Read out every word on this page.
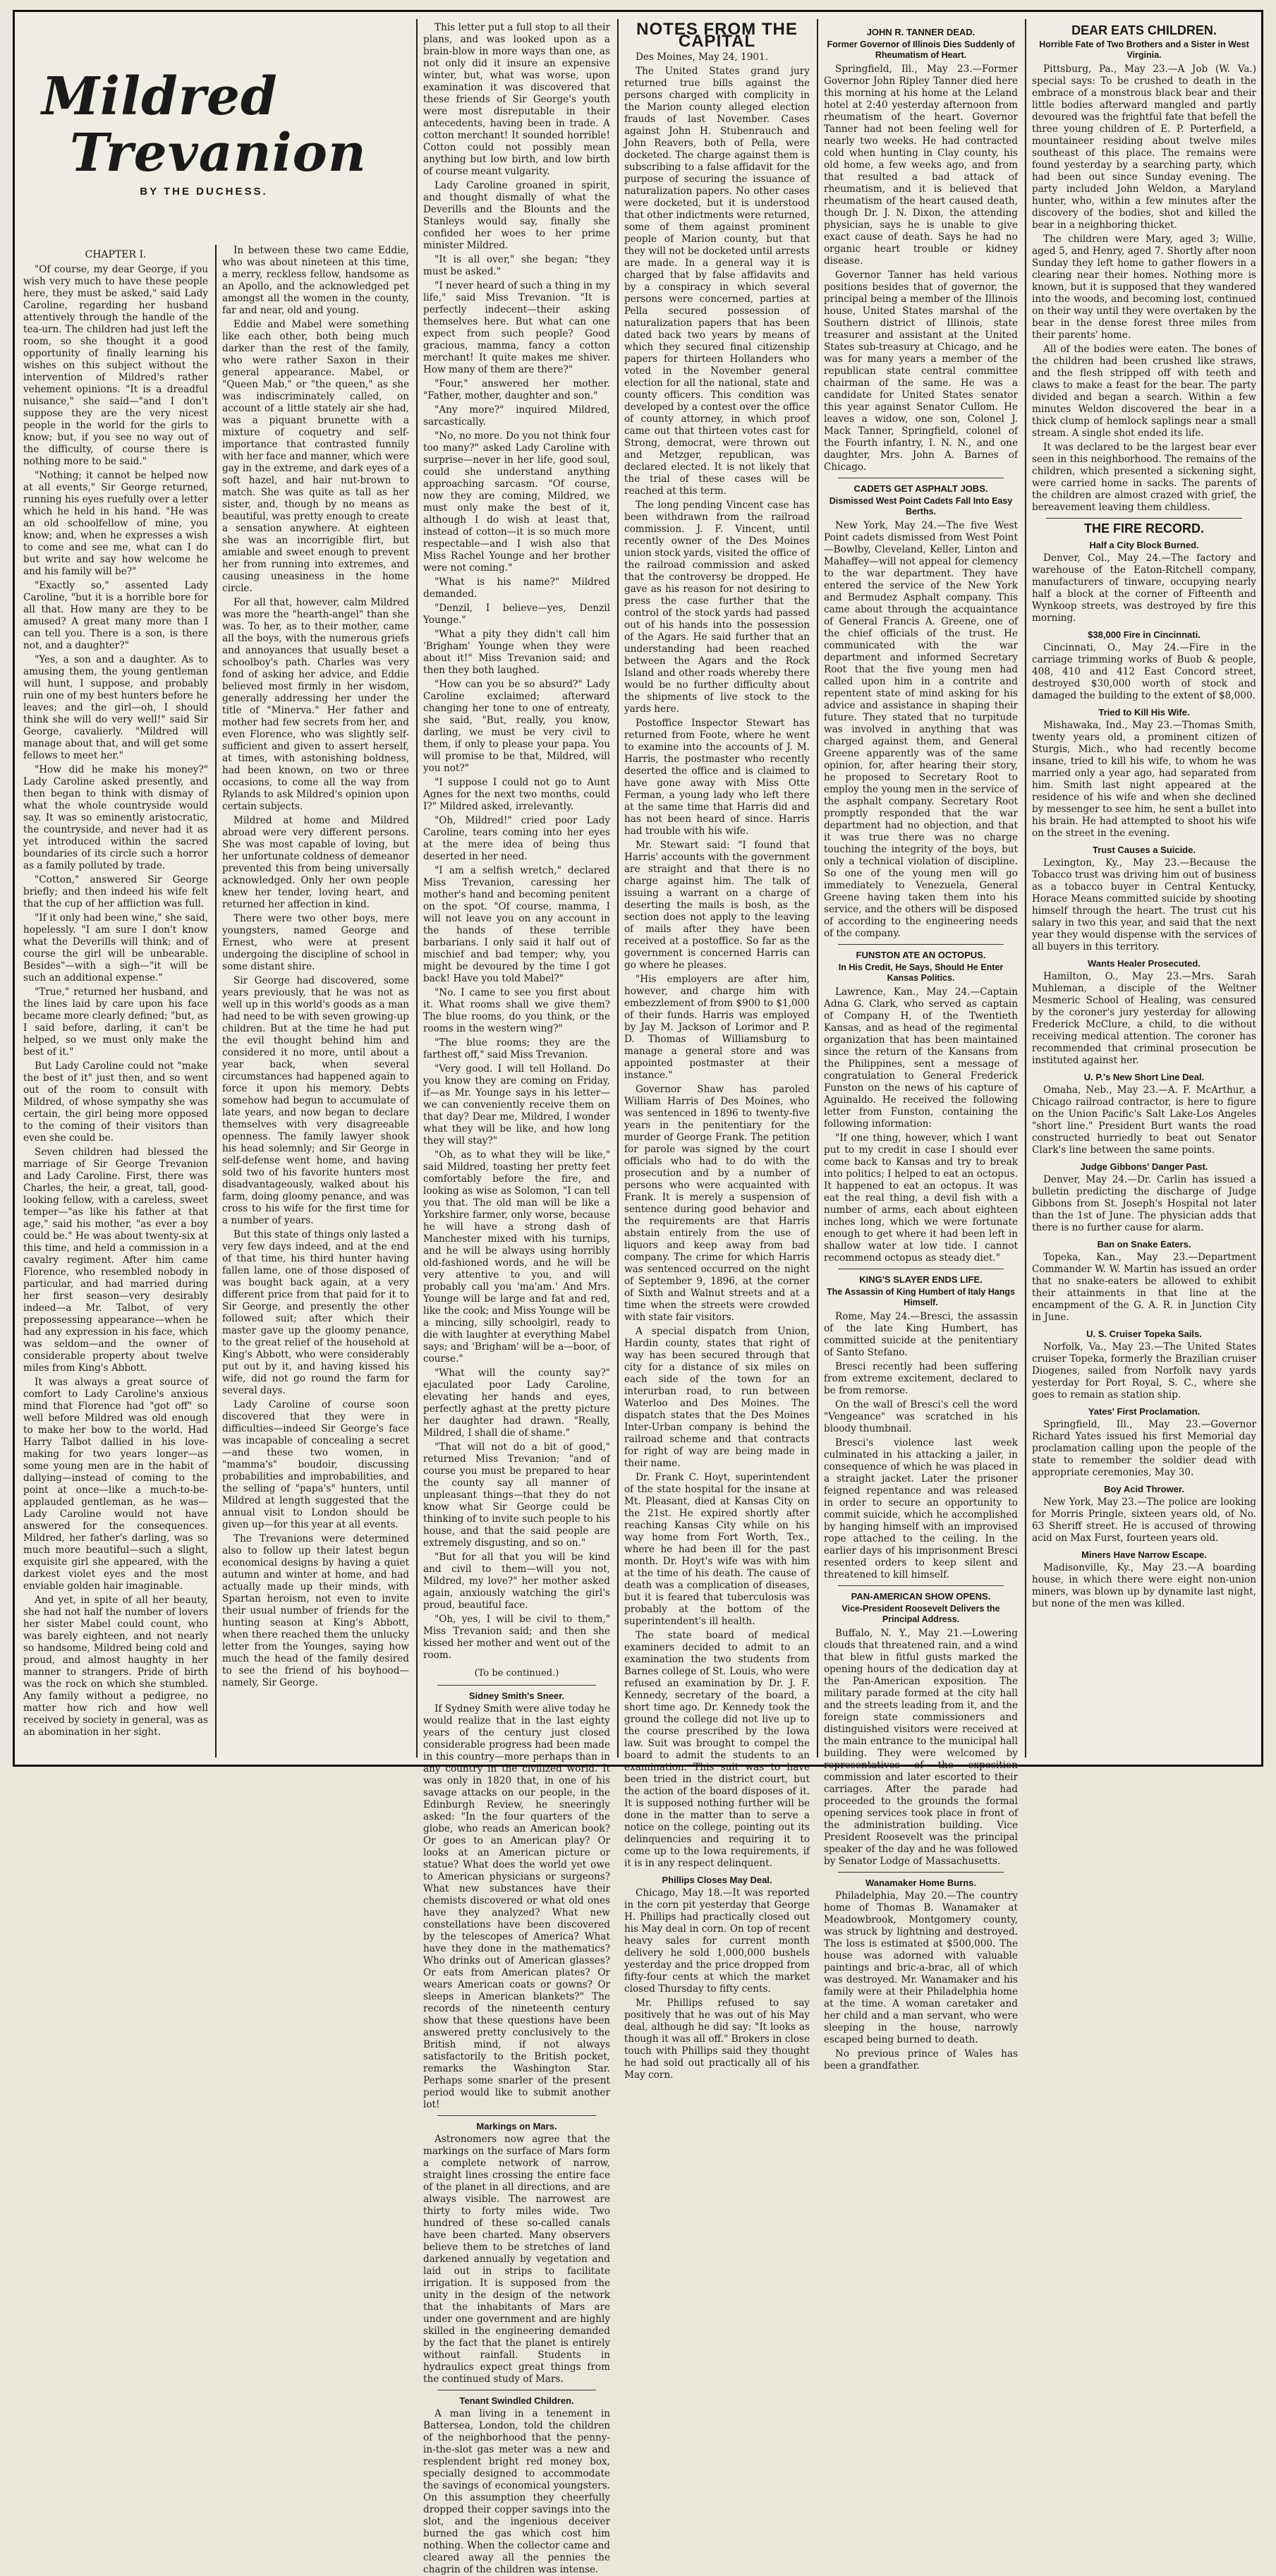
Mildred
Trevanion
BY THE DUCHESS.
CHAPTER I.

"Of course, my dear George, if you wish very much to have these people here, they must be asked," said Lady Caroline, regarding her husband attentively through the handle of the tea-urn. The children had just left the room, so she thought it a good opportunity of finally learning his wishes on this subject without the intervention of Mildred's rather vehement opinions. "It is a dreadful nuisance," she said—"and I don't suppose they are the very nicest people in the world for the girls to know; but, if you see no way out of the difficulty, of course there is nothing more to be said."

"Nothing; it cannot be helped now at all events," Sir George returned, running his eyes ruefully over a letter which he held in his hand. "He was an old schoolfellow of mine, you know; and, when he expresses a wish to come and see me, what can I do but write and say how welcome he and his family will be?"

"Exactly so," assented Lady Caroline, "but it is a horrible bore for all that. How many are they to be amused? A great many more than I can tell you. There is a son, is there not, and a daughter?"

"Yes, a son and a daughter. As to amusing them, the young gentleman will hunt, I suppose, and probably ruin one of my best hunters before he leaves; and the girl—oh, I should think she will do very well!" said Sir George, cavalierly. "Mildred will manage about that, and will get some fellows to meet her."

"How did he make his money?" Lady Caroline asked presently, and then began to think with dismay of what the whole countryside would say. It was so eminently aristocratic, the countryside, and never had it as yet introduced within the sacred boundaries of its circle such a horror as a family polluted by trade.

"Cotton," answered Sir George briefly; and then indeed his wife felt that the cup of her affliction was full.

"If it only had been wine," she said, hopelessly. "I am sure I don't know what the Deverills will think; and of course the girl will be unbearable. Besides"—with a sigh—"it will be such an additional expense."

"True," returned her husband, and the lines laid by care upon his face became more clearly defined; "but, as I said before, darling, it can't be helped, so we must only make the best of it."

But Lady Caroline could not "make the best of it" just then, and so went out of the room to consult with Mildred, of whose sympathy she was certain, the girl being more opposed to the coming of their visitors than even she could be.

Seven children had blessed the marriage of Sir George Trevanion and Lady Caroline. First, there was Charles, the heir, a great, tall, good-looking fellow, with a careless, sweet temper—"as like his father at that age," said his mother, "as ever a boy could be." He was about twenty-six at this time, and held a commission in a cavalry regiment. After him came Florence, who resembled nobody in particular, and had married during her first season—very desirably indeed—a Mr. Talbot, of very prepossessing appearance—when he had any expression in his face, which was seldom—and the owner of considerable property about twelve miles from King's Abbott.

It was always a great source of comfort to Lady Caroline's anxious mind that Florence had "got off" so well before Mildred was old enough to make her bow to the world. Had Harry Talbot dallied in his love-making for two years longer—as some young men are in the habit of dallying—instead of coming to the point at once—like a much-to-be-applauded gentleman, as he was—Lady Caroline would not have answered for the consequences. Mildred, her father's darling, was so much more beautiful—such a slight, exquisite girl she appeared, with the darkest violet eyes and the most enviable golden hair imaginable.

And yet, in spite of all her beauty, she had not half the number of lovers her sister Mabel could count, who was barely eighteen, and not nearly so handsome, Mildred being cold and proud, and almost haughty in her manner to strangers. Pride of birth was the rock on which she stumbled. Any family without a pedigree, no matter how rich and how well received by society in general, was as an abomination in her sight.

In between these two came Eddie, who was about nineteen at this time, a merry, reckless fellow, handsome as an Apollo, and the acknowledged pet amongst all the women in the county, far and near, old and young.

Eddie and Mabel were something like each other, both being much darker than the rest of the family, who were rather Saxon in their general appearance. Mabel, or "Queen Mab," or "the queen," as she was indiscriminately called, on account of a little stately air she had, was a piquant brunette with a mixture of coquetry and self-importance that contrasted funnily with her face and manner, which were gay in the extreme, and dark eyes of a soft hazel, and hair nut-brown to match. She was quite as tall as her sister, and, though by no means as beautiful, was pretty enough to create a sensation anywhere. At eighteen she was an incorrigible flirt, but amiable and sweet enough to prevent her from running into extremes, and causing uneasiness in the home circle.

For all that, however, calm Mildred was more the "hearth-angel" than she was. To her, as to their mother, came all the boys, with the numerous griefs and annoyances that usually beset a schoolboy's path. Charles was very fond of asking her advice, and Eddie believed most firmly in her wisdom, generally addressing her under the title of "Minerva." Her father and mother had few secrets from her, and even Florence, who was slightly self-sufficient and given to assert herself, at times, with astonishing boldness, had been known, on two or three occasions, to come all the way from Rylands to ask Mildred's opinion upon certain subjects.

Mildred at home and Mildred abroad were very different persons. She was most capable of loving, but her unfortunate coldness of demeanor prevented this from being universally acknowledged. Only her own people knew her tender, loving heart, and returned her affection in kind.

There were two other boys, mere youngsters, named George and Ernest, who were at present undergoing the discipline of school in some distant shire.

Sir George had discovered, some years previously, that he was not as well up in this world's goods as a man had need to be with seven growing-up children. But at the time he had put the evil thought behind him and considered it no more, until about a year back, when several circumstances had happened again to force it upon his memory. Debts somehow had begun to accumulate of late years, and now began to declare themselves with very disagreeable openness. The family lawyer shook his head solemnly; and Sir George in self-defense went home, and having sold two of his favorite hunters most disadvantageously, walked about his farm, doing gloomy penance, and was cross to his wife for the first time for a number of years.

But this state of things only lasted a very few days indeed, and at the end of that time, his third hunter having fallen lame, one of those disposed of was bought back again, at a very different price from that paid for it to Sir George, and presently the other followed suit; after which their master gave up the gloomy penance, to the great relief of the household at King's Abbott, who were considerably put out by it, and having kissed his wife, did not go round the farm for several days.

Lady Caroline of course soon discovered that they were in difficulties—indeed Sir George's face was incapable of concealing a secret—and these two women, in "mamma's" boudoir, discussing probabilities and improbabilities, and the selling of "papa's" hunters, until Mildred at length suggested that the annual visit to London should be given up—for this year at all events.

The Trevanions were determined also to follow up their latest begun economical designs by having a quiet autumn and winter at home, and had actually made up their minds, with Spartan heroism, not even to invite their usual number of friends for the hunting season at King's Abbott, when there reached them the unlucky letter from the Younges, saying how much the head of the family desired to see the friend of his boyhood—namely, Sir George.

This letter put a full stop to all their plans, and was looked upon as a brain-blow in more ways than one, as not only did it insure an expensive winter, but, what was worse, upon examination it was discovered that these friends of Sir George's youth were most disreputable in their antecedents, having been in trade. A cotton merchant! It sounded horrible! Cotton could not possibly mean anything but low birth, and low birth of course meant vulgarity.

Lady Caroline groaned in spirit, and thought dismally of what the Deverills and the Blounts and the Stanleys would say, finally she confided her woes to her prime minister Mildred.

"It is all over," she began; "they must be asked."

"I never heard of such a thing in my life," said Miss Trevanion. "It is perfectly indecent—their asking themselves here. But what can one expect from such people? Good gracious, mamma, fancy a cotton merchant! It quite makes me shiver. How many of them are there?"

"Four," answered her mother. "Father, mother, daughter and son."

"Any more?" inquired Mildred, sarcastically.

"No, no more. Do you not think four too many?" asked Lady Caroline with surprise—never in her life, good soul, could she understand anything approaching sarcasm. "Of course, now they are coming, Mildred, we must only make the best of it, although I do wish at least that, instead of cotton—it is so much more respectable—and I wish also that Miss Rachel Younge and her brother were not coming."

"What is his name?" Mildred demanded.

"Denzil, I believe—yes, Denzil Younge."

"What a pity they didn't call him 'Brigham' Younge when they were about it!" Miss Trevanion said; and then they both laughed.

"How can you be so absurd?" Lady Caroline exclaimed; afterward changing her tone to one of entreaty, she said, "But, really, you know, darling, we must be very civil to them, if only to please your papa. You will promise to be that, Mildred, will you not?"

"I suppose I could not go to Aunt Agnes for the next two months, could I?" Mildred asked, irrelevantly.

"Oh, Mildred!" cried poor Lady Caroline, tears coming into her eyes at the mere idea of being thus deserted in her need.

"I am a selfish wretch," declared Miss Trevanion, caressing her mother's hand and becoming penitent on the spot. "Of course, mamma, I will not leave you on any account in the hands of these terrible barbarians. I only said it half out of mischief and bad temper; why, you might be devoured by the time I got back! Have you told Mabel?"

"No. I came to see you first about it. What rooms shall we give them? The blue rooms, do you think, or the rooms in the western wing?"

"The blue rooms; they are the farthest off," said Miss Trevanion.

"Very good. I will tell Holland. Do you know they are coming on Friday, if—as Mr. Younge says in his letter—we can conveniently receive them on that day? Dear me, Mildred, I wonder what they will be like, and how long they will stay?"

"Oh, as to what they will be like," said Mildred, toasting her pretty feet comfortably before the fire, and looking as wise as Solomon, "I can tell you that. The old man will be like a Yorkshire farmer, only worse, because he will have a strong dash of Manchester mixed with his turnips, and he will be always using horribly old-fashioned words, and he will be very attentive to you, and will probably call you 'ma'am.' And Mrs. Younge will be large and fat and red, like the cook; and Miss Younge will be a mincing, silly schoolgirl, ready to die with laughter at everything Mabel says; and 'Brigham' will be a—boor, of course."

"What will the county say?" ejaculated poor Lady Caroline, elevating her hands and eyes, perfectly aghast at the pretty picture her daughter had drawn. "Really, Mildred, I shall die of shame."

"That will not do a bit of good," returned Miss Trevanion; "and of course you must be prepared to hear the county say all manner of unpleasant things—that they do not know what Sir George could be thinking of to invite such people to his house, and that the said people are extremely disgusting, and so on."

"But for all that you will be kind and civil to them—will you not, Mildred, my love?" her mother asked again, anxiously watching the girl's proud, beautiful face.

"Oh, yes, I will be civil to them," Miss Trevanion said; and then she kissed her mother and went out of the room.

(To be continued.)
Sidney Smith's Sneer.

If Sydney Smith were alive today he would realize that in the last eighty years of the century just closed considerable progress had been made in this country—more perhaps than in any country in the civilized world. It was only in 1820 that, in one of his savage attacks on our people, in the Edinburgh Review, he sneeringly asked: "In the four quarters of the globe, who reads an American book? Or goes to an American play? Or looks at an American picture or statue? What does the world yet owe to American physicians or surgeons? What new substances have their chemists discovered or what old ones have they analyzed? What new constellations have been discovered by the telescopes of America? What have they done in the mathematics? Who drinks out of American glasses? Or eats from American plates? Or wears American coats or gowns? Or sleeps in American blankets?" The records of the nineteenth century show that these questions have been answered pretty conclusively to the British mind, if not always satisfactorily to the British pocket, remarks the Washington Star. Perhaps some snarler of the present period would like to submit another lot!

Markings on Mars.

Astronomers now agree that the markings on the surface of Mars form a complete network of narrow, straight lines crossing the entire face of the planet in all directions, and are always visible. The narrowest are thirty to forty miles wide. Two hundred of these so-called canals have been charted. Many observers believe them to be stretches of land darkened annually by vegetation and laid out in strips to facilitate irrigation. It is supposed from the unity in the design of the network that the inhabitants of Mars are under one government and are highly skilled in the engineering demanded by the fact that the planet is entirely without rainfall. Students in hydraulics expect great things from the continued study of Mars.

Tenant Swindled Children.

A man living in a tenement in Battersea, London, told the children of the neighborhood that the penny-in-the-slot gas meter was a new and resplendent bright red money box, specially designed to accommodate the savings of economical youngsters. On this assumption they cheerfully dropped their copper savings into the slot, and the ingenious deceiver burned the gas which cost him nothing. When the collector came and cleared away all the pennies the chagrin of the children was intense.

NOTES FROM THE CAPITAL

Des Moines, May 24, 1901.

The United States grand jury returned true bills against the persons charged with complicity in the Marion county alleged election frauds of last November. Cases against John H. Stubenrauch and John Reavers, both of Pella, were docketed. The charge against them is subscribing to a false affidavit for the purpose of securing the issuance of naturalization papers. No other cases were docketed, but it is understood that other indictments were returned, some of them against prominent people of Marion county, but that they will not be docketed until arrests are made. In a general way it is charged that by false affidavits and by a conspiracy in which several persons were concerned, parties at Pella secured possession of naturalization papers that has been dated back two years by means of which they secured final citizenship papers for thirteen Hollanders who voted in the November general election for all the national, state and county officers. This condition was developed by a contest over the office of county attorney, in which proof came out that thirteen votes cast for Strong, democrat, were thrown out and Metzger, republican, was declared elected. It is not likely that the trial of these cases will be reached at this term.

The long pending Vincent case has been withdrawn from the railroad commission. J. F. Vincent, until recently owner of the Des Moines union stock yards, visited the office of the railroad commission and asked that the controversy be dropped. He gave as his reason for not desiring to press the case further that the control of the stock yards had passed out of his hands into the possession of the Agars. He said further that an understanding had been reached between the Agars and the Rock Island and other roads whereby there would be no further difficulty about the shipments of live stock to the yards here.

Postoffice Inspector Stewart has returned from Foote, where he went to examine into the accounts of J. M. Harris, the postmaster who recently deserted the office and is claimed to have gone away with Miss Otte Ferman, a young lady who left there at the same time that Harris did and has not been heard of since. Harris had trouble with his wife.

Mr. Stewart said: "I found that Harris' accounts with the government are straight and that there is no charge against him. The talk of issuing a warrant on a charge of deserting the mails is bosh, as the section does not apply to the leaving of mails after they have been received at a postoffice. So far as the government is concerned Harris can go where he pleases.

"His employers are after him, however, and charge him with embezzlement of from $900 to $1,000 of their funds. Harris was employed by Jay M. Jackson of Lorimor and P. D. Thomas of Williamsburg to manage a general store and was appointed postmaster at their instance."

Governor Shaw has paroled William Harris of Des Moines, who was sentenced in 1896 to twenty-five years in the penitentiary for the murder of George Frank. The petition for parole was signed by the court officials who had to do with the prosecution and by a number of persons who were acquainted with Frank. It is merely a suspension of sentence during good behavior and the requirements are that Harris abstain entirely from the use of liquors and keep away from bad company. The crime for which Harris was sentenced occurred on the night of September 9, 1896, at the corner of Sixth and Walnut streets and at a time when the streets were crowded with state fair visitors.

A special dispatch from Union, Hardin county, states that right of way has been secured through that city for a distance of six miles on each side of the town for an interurban road, to run between Waterloo and Des Moines. The dispatch states that the Des Moines Inter-Urban company is behind the railroad scheme and that contracts for right of way are being made in their name.

Dr. Frank C. Hoyt, superintendent of the state hospital for the insane at Mt. Pleasant, died at Kansas City on the 21st. He expired shortly after reaching Kansas City while on his way home from Fort Worth, Tex., where he had been ill for the past month. Dr. Hoyt's wife was with him at the time of his death. The cause of death was a complication of diseases, but it is feared that tuberculosis was probably at the bottom of the superintendent's ill health.

The state board of medical examiners decided to admit to an examination the two students from Barnes college of St. Louis, who were refused an examination by Dr. J. F. Kennedy, secretary of the board, a short time ago. Dr. Kennedy took the ground the college did not live up to the course prescribed by the Iowa law. Suit was brought to compel the board to admit the students to an examination. This suit was to have been tried in the district court, but the action of the board disposes of it. It is supposed nothing further will be done in the matter than to serve a notice on the college, pointing out its delinquencies and requiring it to come up to the Iowa requirements, if it is in any respect delinquent.

Phillips Closes May Deal.

Chicago, May 18.—It was reported in the corn pit yesterday that George H. Phillips had practically closed out his May deal in corn. On top of recent heavy sales for current month delivery he sold 1,000,000 bushels yesterday and the price dropped from fifty-four cents at which the market closed Thursday to fifty cents.

Mr. Phillips refused to say positively that he was out of his May deal, although he did say: "It looks as though it was all off." Brokers in close touch with Phillips said they thought he had sold out practically all of his May corn.

JOHN R. TANNER DEAD.
Former Governor of Illinois Dies Suddenly of Rheumatism of Heart.

Springfield, Ill., May 23.—Former Governor John Ripley Tanner died here this morning at his home at the Leland hotel at 2:40 yesterday afternoon from rheumatism of the heart. Governor Tanner had not been feeling well for nearly two weeks. He had contracted cold when hunting in Clay county, his old home, a few weeks ago, and from that resulted a bad attack of rheumatism, and it is believed that rheumatism of the heart caused death, though Dr. J. N. Dixon, the attending physician, says he is unable to give exact cause of death. Says he had no organic heart trouble or kidney disease.

Governor Tanner has held various positions besides that of governor, the principal being a member of the Illinois house, United States marshal of the Southern district of Illinois, state treasurer and assistant at the United States sub-treasury at Chicago, and he was for many years a member of the republican state central committee chairman of the same. He was a candidate for United States senator this year against Senator Cullom. He leaves a widow, one son, Colonel J. Mack Tanner, Springfield, colonel of the Fourth infantry, I. N. N., and one daughter, Mrs. John A. Barnes of Chicago.

CADETS GET ASPHALT JOBS.
Dismissed West Point Cadets Fall Into Easy Berths.

New York, May 24.—The five West Point cadets dismissed from West Point—Bowlby, Cleveland, Keller, Linton and Mahaffey—will not appeal for clemency to the war department. They have entered the service of the New York and Bermudez Asphalt company. This came about through the acquaintance of General Francis A. Greene, one of the chief officials of the trust. He communicated with the war department and informed Secretary Root that the five young men had called upon him in a contrite and repentent state of mind asking for his advice and assistance in shaping their future. They stated that no turpitude was involved in anything that was charged against them, and General Greene apparently was of the same opinion, for, after hearing their story, he proposed to Secretary Root to employ the young men in the service of the asphalt company. Secretary Root promptly responded that the war department had no objection, and that it was true there was no charge touching the integrity of the boys, but only a technical violation of discipline. So one of the young men will go immediately to Venezuela, General Greene having taken them into his service, and the others will be disposed of according to the engineering needs of the company.

FUNSTON ATE AN OCTOPUS.
In His Credit, He Says, Should He Enter Kansas Politics.

Lawrence, Kan., May 24.—Captain Adna G. Clark, who served as captain of Company H, of the Twentieth Kansas, and as head of the regimental organization that has been maintained since the return of the Kansans from the Philippines, sent a message of congratulation to General Frederick Funston on the news of his capture of Aguinaldo. He received the following letter from Funston, containing the following information:

"If one thing, however, which I want put to my credit in case I should ever come back to Kansas and try to break into politics; I helped to eat an octopus. It happened to eat an octopus. It was eat the real thing, a devil fish with a number of arms, each about eighteen inches long, which we were fortunate enough to get where it had been left in shallow water at low tide. I cannot recommend octopus as steady diet."

KING'S SLAYER ENDS LIFE.
The Assassin of King Humbert of Italy Hangs Himself.

Rome, May 24.—Bresci, the assassin of the late King Humbert, has committed suicide at the penitentiary of Santo Stefano.

Bresci recently had been suffering from extreme excitement, declared to be from remorse.

On the wall of Bresci's cell the word "Vengeance" was scratched in his bloody thumbnail.

Bresci's violence last week culminated in his attacking a jailer, in consequence of which he was placed in a straight jacket. Later the prisoner feigned repentance and was released in order to secure an opportunity to commit suicide, which he accomplished by hanging himself with an improvised rope attached to the ceiling. In the earlier days of his imprisonment Bresci resented orders to keep silent and threatened to kill himself.

PAN-AMERICAN SHOW OPENS.
Vice-President Roosevelt Delivers the Principal Address.

Buffalo, N. Y., May 21.—Lowering clouds that threatened rain, and a wind that blew in fitful gusts marked the opening hours of the dedication day at the Pan-American exposition. The military parade formed at the city hall and the streets leading from it, and the foreign state commissioners and distinguished visitors were received at the main entrance to the municipal hall building. They were welcomed by representatives of the exposition commission and later escorted to their carriages. After the parade had proceeded to the grounds the formal opening services took place in front of the administration building. Vice President Roosevelt was the principal speaker of the day and he was followed by Senator Lodge of Massachusetts.

Wanamaker Home Burns.

Philadelphia, May 20.—The country home of Thomas B. Wanamaker at Meadowbrook, Montgomery county, was struck by lightning and destroyed. The loss is estimated at $500,000. The house was adorned with valuable paintings and bric-a-brac, all of which was destroyed. Mr. Wanamaker and his family were at their Philadelphia home at the time. A woman caretaker and her child and a man servant, who were sleeping in the house, narrowly escaped being burned to death.

No previous prince of Wales has been a grandfather.

DEAR EATS CHILDREN.
Horrible Fate of Two Brothers and a Sister in West Virginia.

Pittsburg, Pa., May 23.—A Job (W. Va.) special says: To be crushed to death in the embrace of a monstrous black bear and their little bodies afterward mangled and partly devoured was the frightful fate that befell the three young children of E. P. Porterfield, a mountaineer residing about twelve miles southeast of this place. The remains were found yesterday by a searching party, which had been out since Sunday evening. The party included John Weldon, a Maryland hunter, who, within a few minutes after the discovery of the bodies, shot and killed the bear in a neighboring thicket.

The children were Mary, aged 3; Willie, aged 5, and Henry, aged 7. Shortly after noon Sunday they left home to gather flowers in a clearing near their homes. Nothing more is known, but it is supposed that they wandered into the woods, and becoming lost, continued on their way until they were overtaken by the bear in the dense forest three miles from their parents' home.

All of the bodies were eaten. The bones of the children had been crushed like straws, and the flesh stripped off with teeth and claws to make a feast for the bear. The party divided and began a search. Within a few minutes Weldon discovered the bear in a thick clump of hemlock saplings near a small stream. A single shot ended its life.

It was declared to be the largest bear ever seen in this neighborhood. The remains of the children, which presented a sickening sight, were carried home in sacks. The parents of the children are almost crazed with grief, the bereavement leaving them childless.

THE FIRE RECORD.
Half a City Block Burned.

Denver, Col., May 24.—The factory and warehouse of the Eaton-Ritchell company, manufacturers of tinware, occupying nearly half a block at the corner of Fifteenth and Wynkoop streets, was destroyed by fire this morning.

$38,000 Fire in Cincinnati.

Cincinnati, O., May 24.—Fire in the carriage trimming works of Buob & people, 408, 410 and 412 East Concord street, destroyed $30,000 worth of stock and damaged the building to the extent of $8,000.

Tried to Kill His Wife.

Mishawaka, Ind., May 23.—Thomas Smith, twenty years old, a prominent citizen of Sturgis, Mich., who had recently become insane, tried to kill his wife, to whom he was married only a year ago, had separated from him. Smith last night appeared at the residence of his wife and when she declined by messenger to see him, he sent a bullet into his brain. He had attempted to shoot his wife on the street in the evening.

Trust Causes a Suicide.

Lexington, Ky., May 23.—Because the Tobacco trust was driving him out of business as a tobacco buyer in Central Kentucky, Horace Means committed suicide by shooting himself through the heart. The trust cut his salary in two this year, and said that the next year they would dispense with the services of all buyers in this territory.

Wants Healer Prosecuted.

Hamilton, O., May 23.—Mrs. Sarah Muhleman, a disciple of the Weltner Mesmeric School of Healing, was censured by the coroner's jury yesterday for allowing Frederick McClure, a child, to die without receiving medical attention. The coroner has recommended that criminal prosecution be instituted against her.

U. P.'s New Short Line Deal.

Omaha, Neb., May 23.—A. F. McArthur, a Chicago railroad contractor, is here to figure on the Union Pacific's Salt Lake-Los Angeles "short line." President Burt wants the road constructed hurriedly to beat out Senator Clark's line between the same points.

Judge Gibbons' Danger Past.

Denver, May 24.—Dr. Carlin has issued a bulletin predicting the discharge of Judge Gibbons from St. Joseph's Hospital not later than the 1st of June. The physician adds that there is no further cause for alarm.

Ban on Snake Eaters.

Topeka, Kan., May 23.—Department Commander W. W. Martin has issued an order that no snake-eaters be allowed to exhibit their attainments in that line at the encampment of the G. A. R. in Junction City in June.

U. S. Cruiser Topeka Sails.

Norfolk, Va., May 23.—The United States cruiser Topeka, formerly the Brazilian cruiser Diogenes, sailed from Norfolk navy yards yesterday for Port Royal, S. C., where she goes to remain as station ship.

Yates' First Proclamation.

Springfield, Ill., May 23.—Governor Richard Yates issued his first Memorial day proclamation calling upon the people of the state to remember the soldier dead with appropriate ceremonies, May 30.

Boy Acid Thrower.

New York, May 23.—The police are looking for Morris Pringle, sixteen years old, of No. 63 Sheriff street. He is accused of throwing acid on Max Furst, fourteen years old.

Miners Have Narrow Escape.

Madisonville, Ky., May 23.—A boarding house, in which there were eight non-union miners, was blown up by dynamite last night, but none of the men was killed.
